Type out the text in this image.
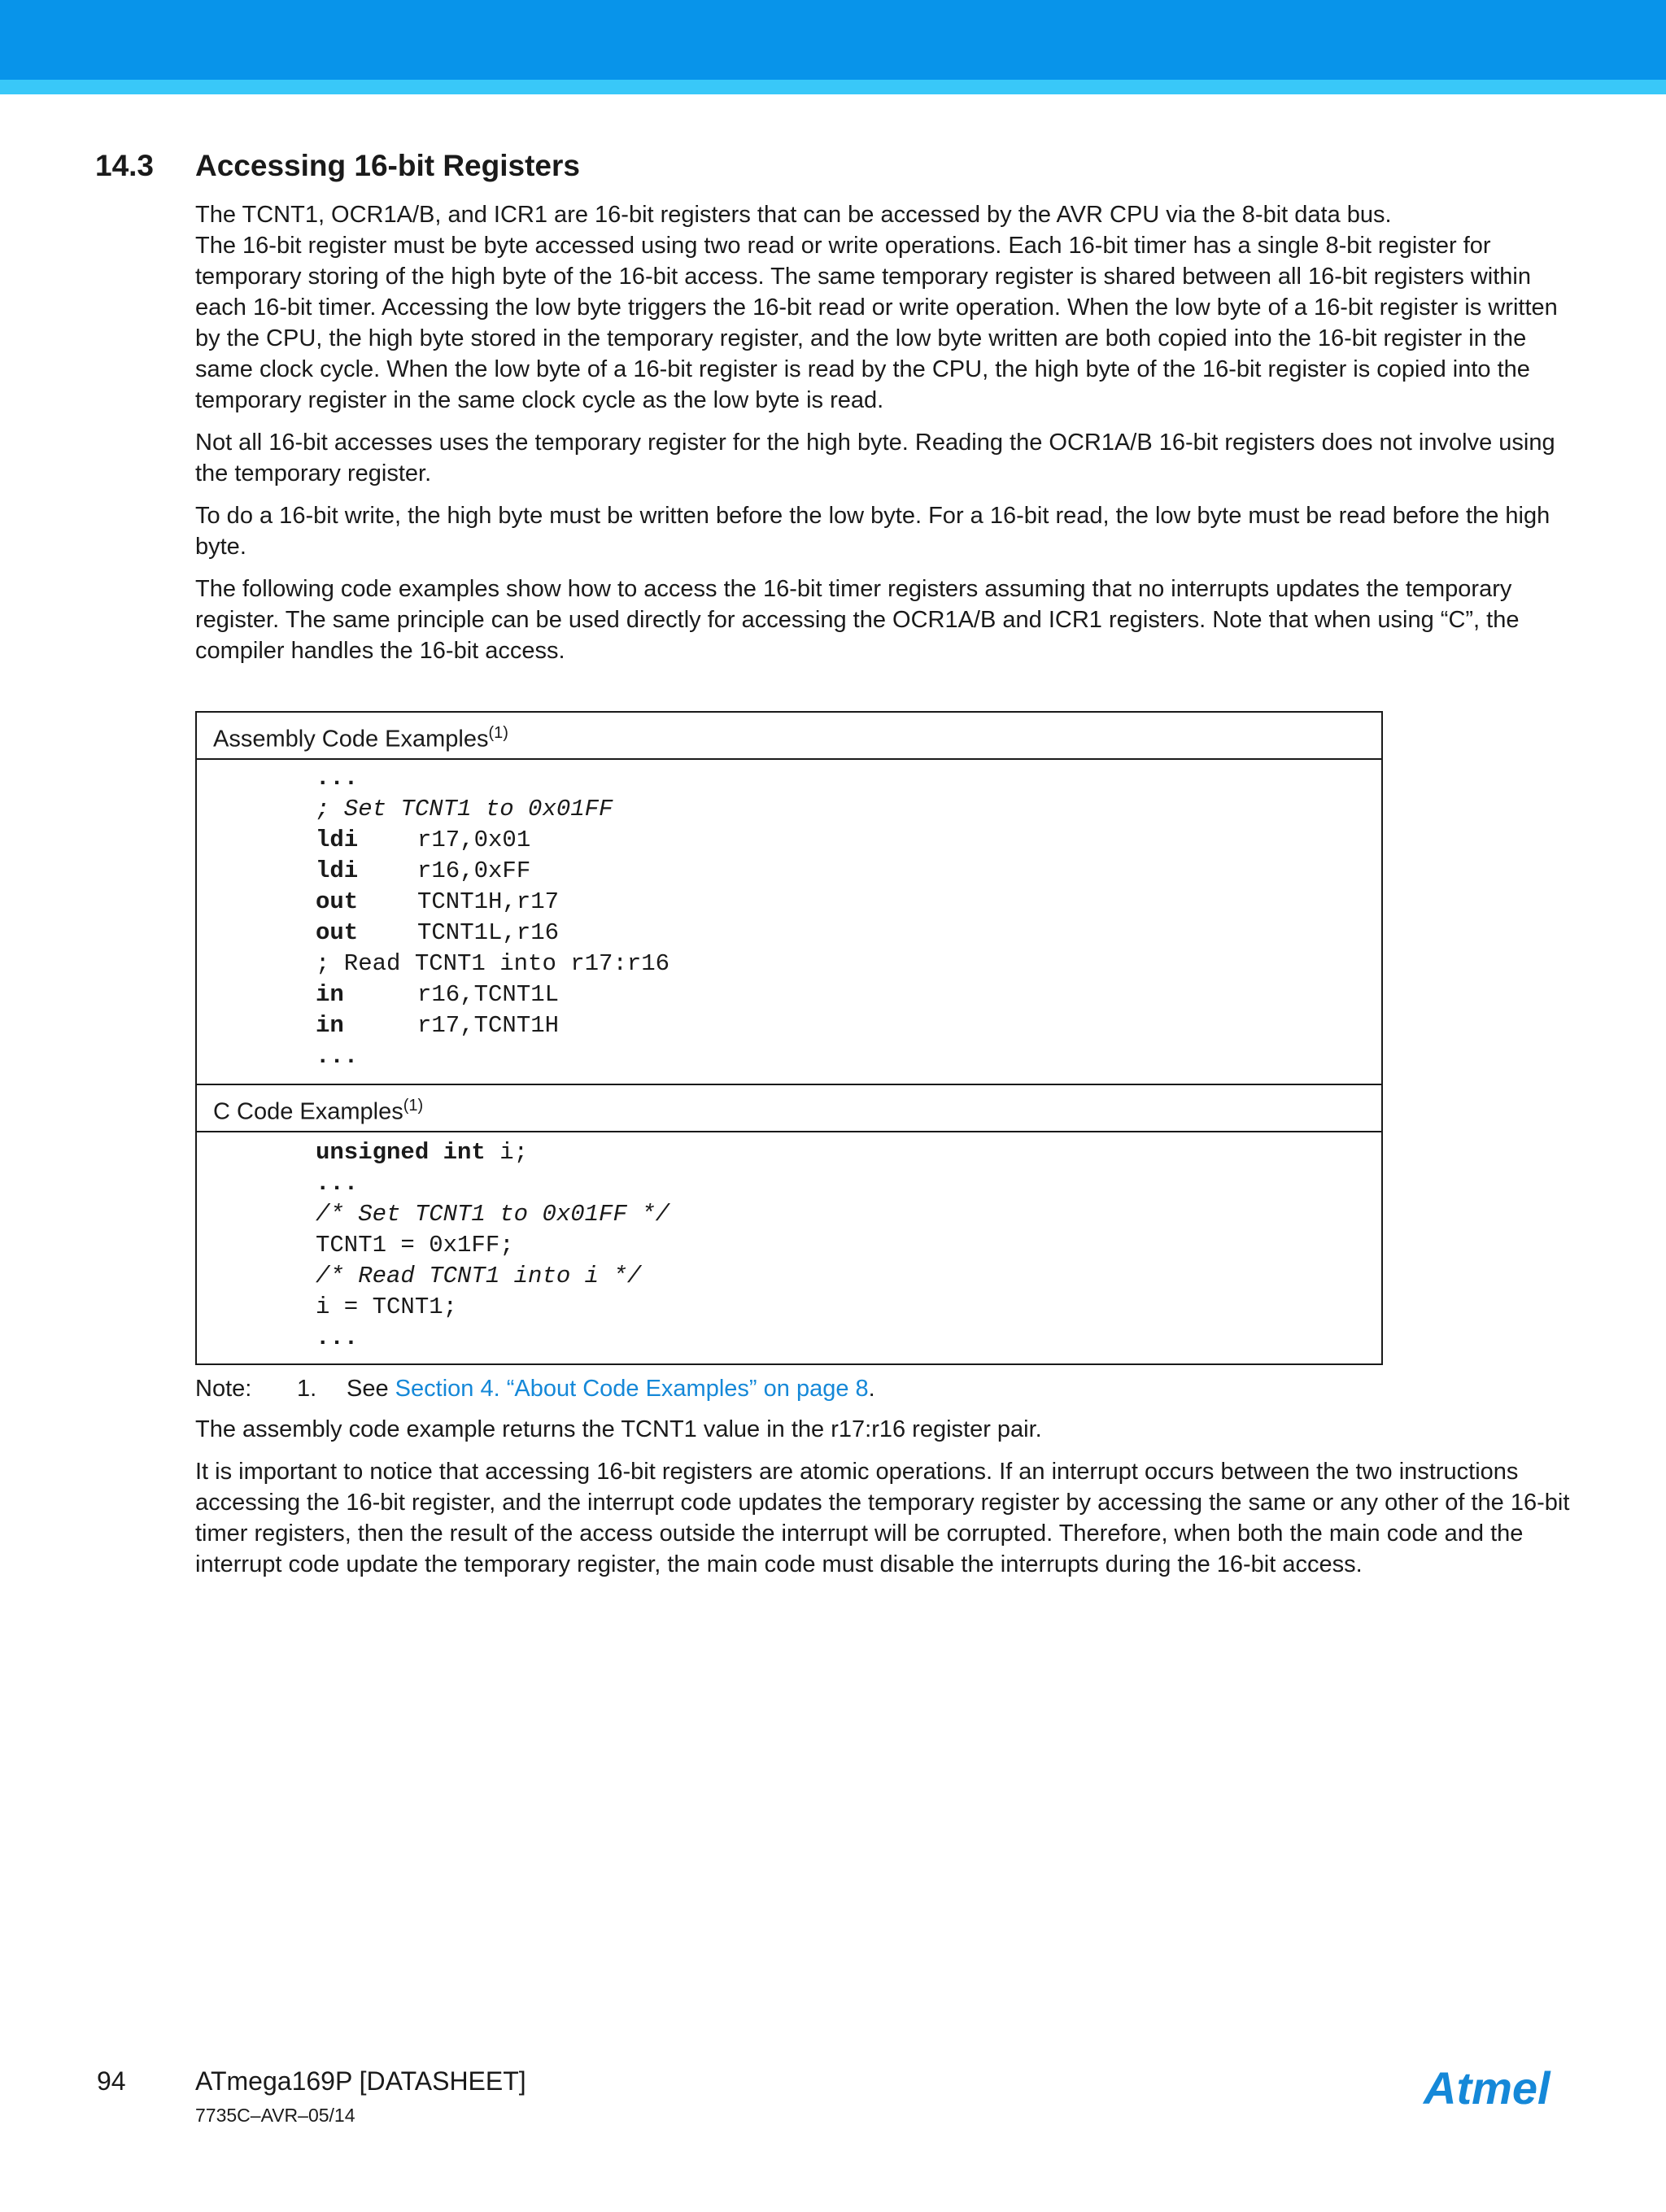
14.3 Accessing 16-bit Registers

The TCNT1, OCR1A/B, and ICR1 are 16-bit registers that can be accessed by the AVR CPU via the 8-bit data bus.

The 16-bit register must be byte accessed using two read or write operations. Each 16-bit timer has a single 8-bit register for temporary storing of the high byte of the 16-bit access. The same temporary register is shared between all 16-bit registers within each 16-bit timer. Accessing the low byte triggers the 16-bit read or write operation. When the low byte of a 16-bit register is written by the CPU, the high byte stored in the temporary register, and the low byte written are both copied into the 16-bit register in the same clock cycle. When the low byte of a 16-bit register is read by the CPU, the high byte of the 16-bit register is copied into the temporary register in the same clock cycle as the low byte is read.

Not all 16-bit accesses uses the temporary register for the high byte. Reading the OCR1A/B 16-bit registers does not involve using the temporary register.

To do a 16-bit write, the high byte must be written before the low byte. For a 16-bit read, the low byte must be read before the high byte.

The following code examples show how to access the 16-bit timer registers assuming that no interrupts updates the temporary register. The same principle can be used directly for accessing the OCR1A/B and ICR1 registers. Note that when using “C”, the compiler handles the 16-bit access.

Assembly Code Examples$^{(1)}$
...
; Set TCNT1 to 0x01FF
ldi	r17,0x01
ldi	r16,0xFF
out	TCNT1H,r17
out	TCNT1L,r16
; Read TCNT1 into r17:r16
in	r16,TCNT1L
in	r17,TCNT1H
...
C Code Examples$^{(1)}$
unsigned int i;
...
/* Set TCNT1 to 0x01FF */
TCNT1 = 0x1FF;
/* Read TCNT1 into i */
i = TCNT1;
...
Note: 1. See Section 4. “About Code Examples” on page 8.

The assembly code example returns the TCNT1 value in the r17:r16 register pair.

It is important to notice that accessing 16-bit registers are atomic operations. If an interrupt occurs between the two instructions accessing the 16-bit register, and the interrupt code updates the temporary register by accessing the same or any other of the 16-bit timer registers, then the result of the access outside the interrupt will be corrupted. Therefore, when both the main code and the interrupt code update the temporary register, the main code must disable the interrupts during the 16-bit access.

94	ATmega169P [DATASHEET]
7735C–AVR–05/14
Atmel
